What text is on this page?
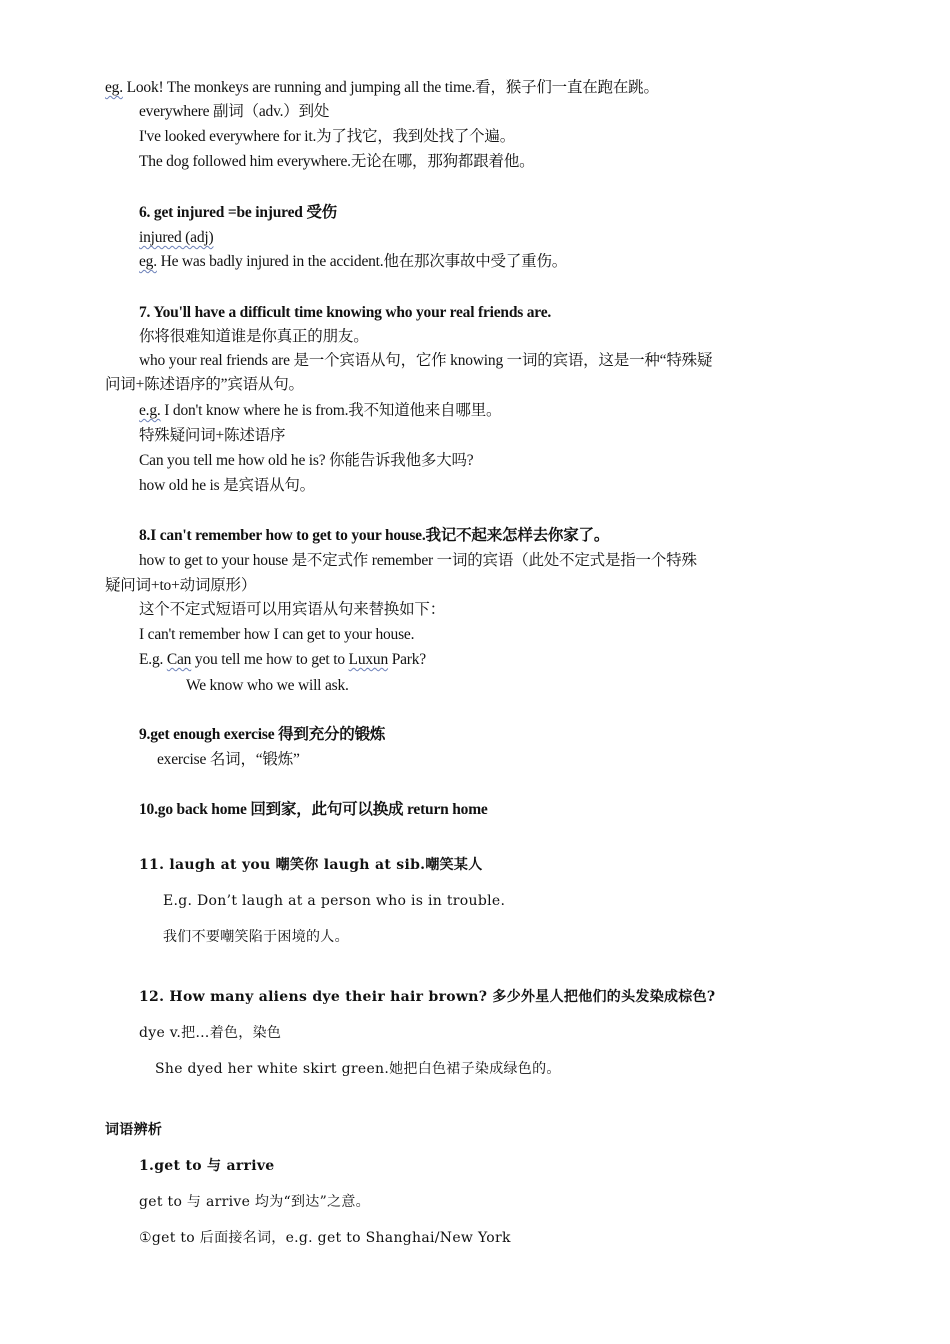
eg. Look! The monkeys are running and jumping all the time.看，猴子们一直在跑在跳。
everywhere 副词（adv.）到处
I've looked everywhere for it.为了找它，我到处找了个遍。
The dog followed him everywhere.无论在哪，那狗都跟着他。
6. get injured =be injured 受伤
injured (adj)
eg. He was badly injured in the accident.他在那次事故中受了重伤。
7. You'll have a difficult time knowing who your real friends are.
你将很难知道谁是你真正的朋友。
who your real friends are 是一个宾语从句，它作 knowing 一词的宾语，这是一种“特殊疑
问词+陈述语序的”宾语从句。
e.g. I don't know where he is from.我不知道他来自哪里。
特殊疑问词+陈述语序
Can you tell me how old he is? 你能告诉我他多大吗?
how old he is 是宾语从句。
8.I can't remember how to get to your house.我记不起来怎样去你家了。
how to get to your house 是不定式作 remember 一词的宾语（此处不定式是指一个特殊
疑问词+to+动词原形）
这个不定式短语可以用宾语从句来替换如下：
I can't remember how I can get to your house.
E.g. Can you tell me how to get to Luxun Park?
We know who we will ask.
9.get enough exercise 得到充分的锻炼
exercise 名词，“锻炼”
10.go back home 回到家，此句可以换成 return home
11. laugh at you 嘲笑你 laugh at sib.嘲笑某人
E.g. Don’t laugh at a person who is in trouble.
我们不要嘲笑陷于困境的人。
12. How many aliens dye their hair brown? 多少外星人把他们的头发染成棕色?
dye v.把…着色，染色
She dyed her white skirt green.她把白色裙子染成绿色的。
词语辨析
1.get to 与 arrive
get to 与 arrive 均为“到达”之意。
①get to 后面接名词，e.g. get to Shanghai/New York
